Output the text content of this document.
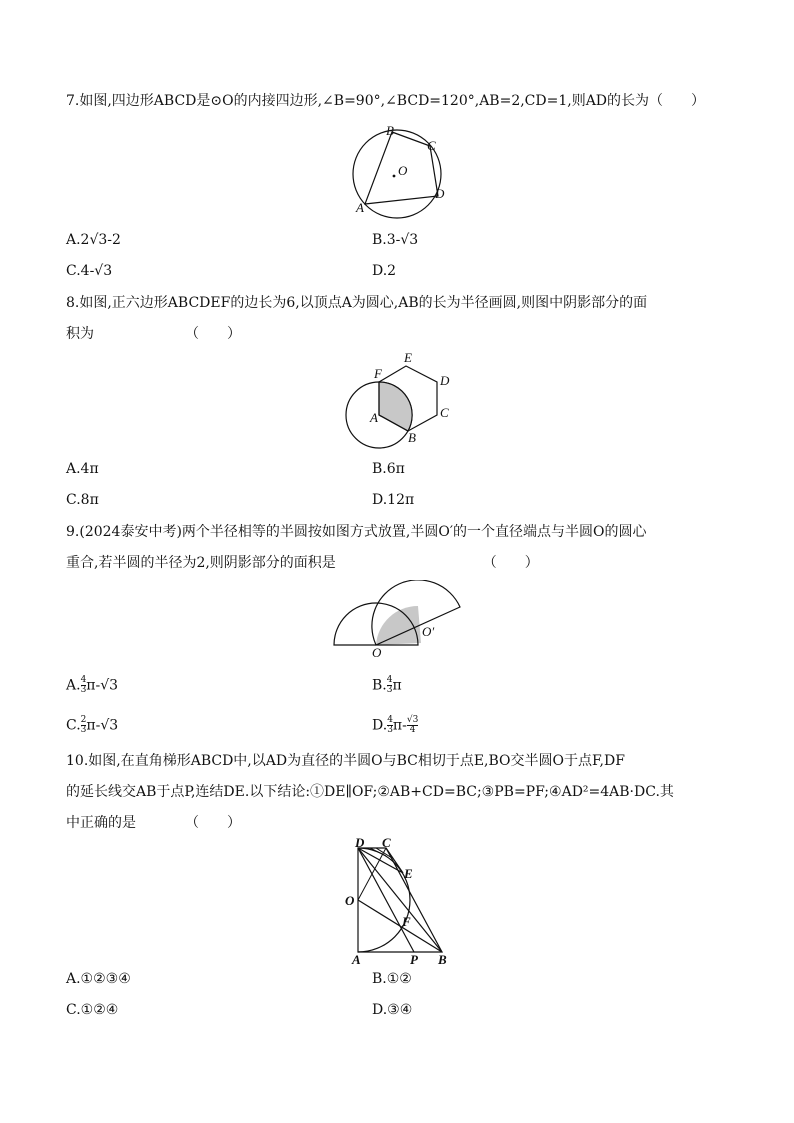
7.如图,四边形ABCD是⊙O的内接四边形,∠B=90°,∠BCD=120°,AB=2,CD=1,则AD的长为（　　）
B
C
D
A
O
A.2√3-2	B.3-√3
C.4-√3	D.2
8.如图,正六边形ABCDEF的边长为6,以顶点A为圆心,AB的长为半径画圆,则图中阴影部分的面
积为　　　　　　　（　　）
F
E
D
C
B
A
A.4π	B.6π
C.8π	D.12π
9.(2024泰安中考)两个半径相等的半圆按如图方式放置,半圆O′的一个直径端点与半圆O的圆心
重合,若半圆的半径为2,则阴影部分的面积是　　　　　　　　　　　（　　）
O
O′
A. $\frac{4}{3} \pi-√3$	B. $\frac{4}{3}$ π
C. $\frac{2}{3} \pi-√3$	D. $\frac{4}{3} \pi- \frac{√3}{4}$
10.如图,在直角梯形ABCD中,以AD为直径的半圆O与BC相切于点E,BO交半圆O于点F,DF
的延长线交AB于点P,连结DE.以下结论:①DE∥OF;②AB+CD=BC;③PB=PF;④AD²=4AB·DC.其
中正确的是　　　　（　　）
D C
E
O
F
A	P B
A.①②③④	B.①②
C.①②④	D.③④
